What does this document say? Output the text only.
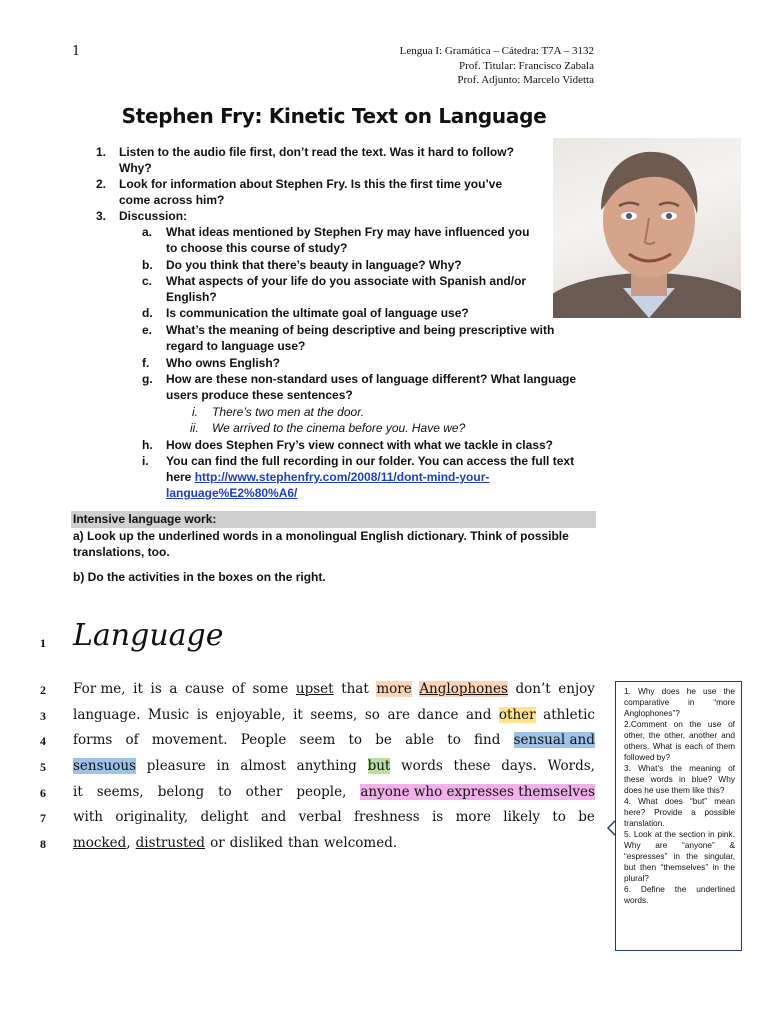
1	Lengua I: Gramática – Cátedra: T7A – 3132
Prof. Titular: Francisco Zabala
Prof. Adjunto: Marcelo Videtta
Stephen Fry: Kinetic Text on Language
1. Listen to the audio file first, don’t read the text. Was it hard to follow?
Why?
2. Look for information about Stephen Fry. Is this the first time you’ve
come across him?
3. Discussion:
a. What ideas mentioned by Stephen Fry may have influenced you
to choose this course of study?
b. Do you think that there’s beauty in language? Why?
c. What aspects of your life do you associate with Spanish and/or
English?
d. Is communication the ultimate goal of language use?
e. What’s the meaning of being descriptive and being prescriptive with
regard to language use?
f. Who owns English?
g. How are these non-standard uses of language different? What language
users produce these sentences?
i. There’s two men at the door.
ii. We arrived to the cinema before you. Have we?
h. How does Stephen Fry’s view connect with what we tackle in class?
i. You can find the full recording in our folder. You can access the full text
here http://www.stephenfry.com/2008/11/dont-mind-your-
language%E2%80%A6/
Intensive language work:
a) Look up the underlined words in a monolingual English dictionary. Think of possible
translations, too.
b) Do the activities in the boxes on the right.
1
2
3
4
5
6
7
8
Language
For me, it is a cause of some upset that more Anglophones don’t enjoy
language. Music is enjoyable, it seems, so are dance and other athletic
forms of movement. People seem to be able to find sensual and
sensuous pleasure in almost anything but words these days. Words,
it seems, belong to other people, anyone who expresses themselves
with originality, delight and verbal freshness is more likely to be
mocked, distrusted or disliked than welcomed.

1. Why does he use the comparative in “more Anglophones”?

2.Comment on the use of other, the other, another and others. What is each of them followed by?

3. What’s the meaning of these words in blue? Why does he use them like this?

4. What does “but” mean here? Provide a possible translation.

5. Look at the section in pink. Why are “anyone” & “espresses” in the singular, but then “themselves” in the plural?

6. Define the underlined words.
